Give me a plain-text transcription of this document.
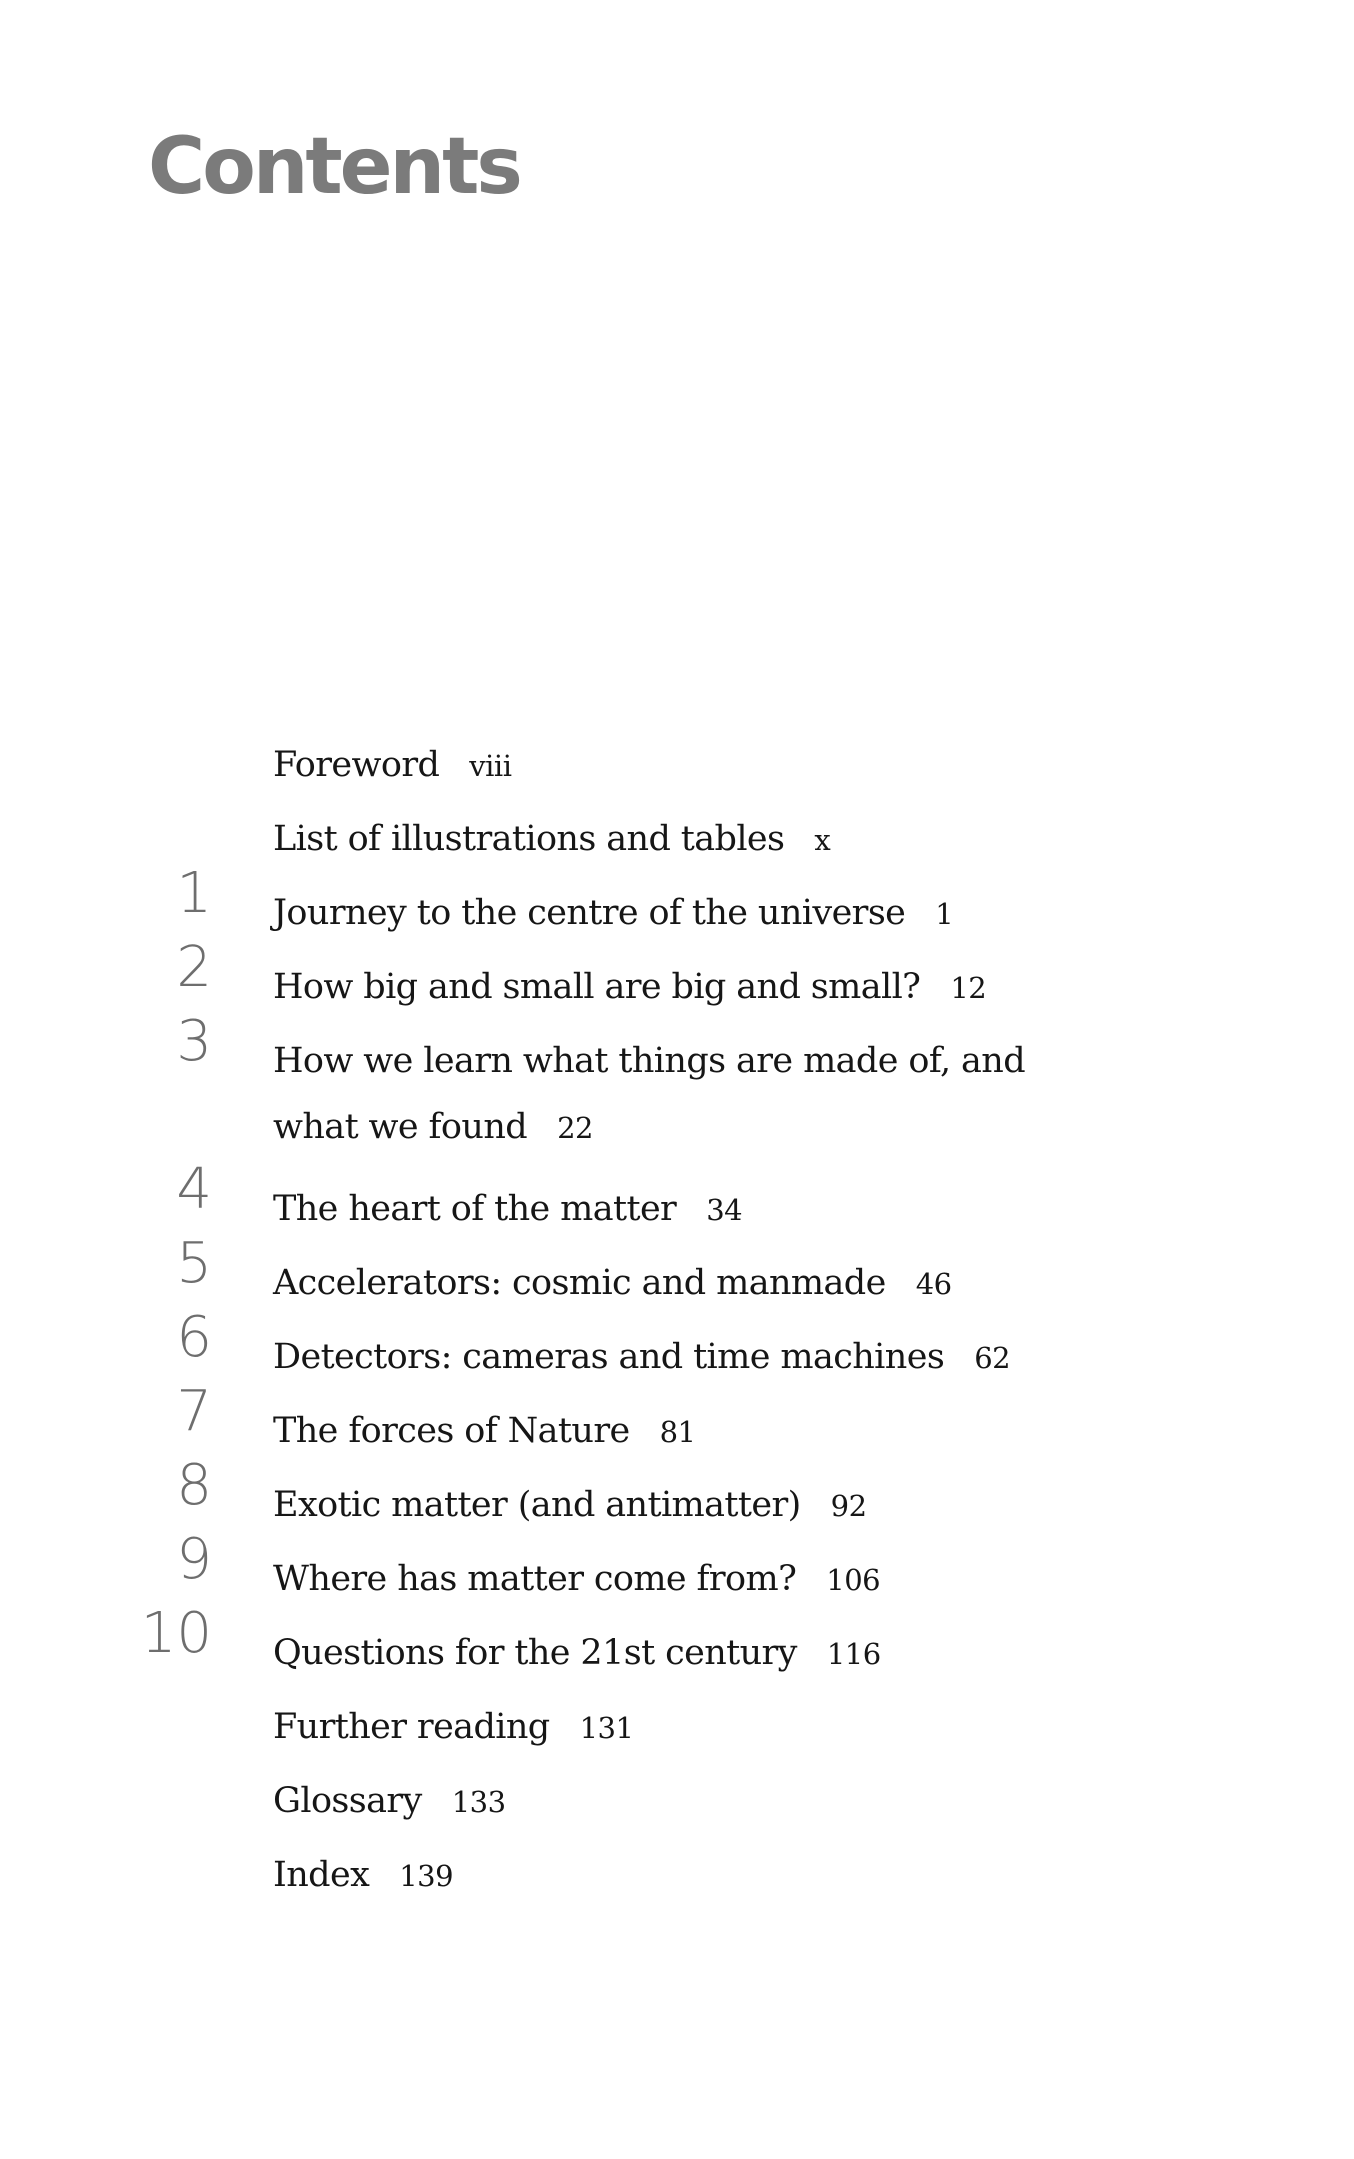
Contents
Foreword viii
List of illustrations and tables x
1 Journey to the centre of the universe 1
2 How big and small are big and small? 12
3 How we learn what things are made of, and what we found 22
4 The heart of the matter 34
5 Accelerators: cosmic and manmade 46
6 Detectors: cameras and time machines 62
7 The forces of Nature 81
8 Exotic matter (and antimatter) 92
9 Where has matter come from? 106
10 Questions for the 21st century 116
Further reading 131
Glossary 133
Index 139
